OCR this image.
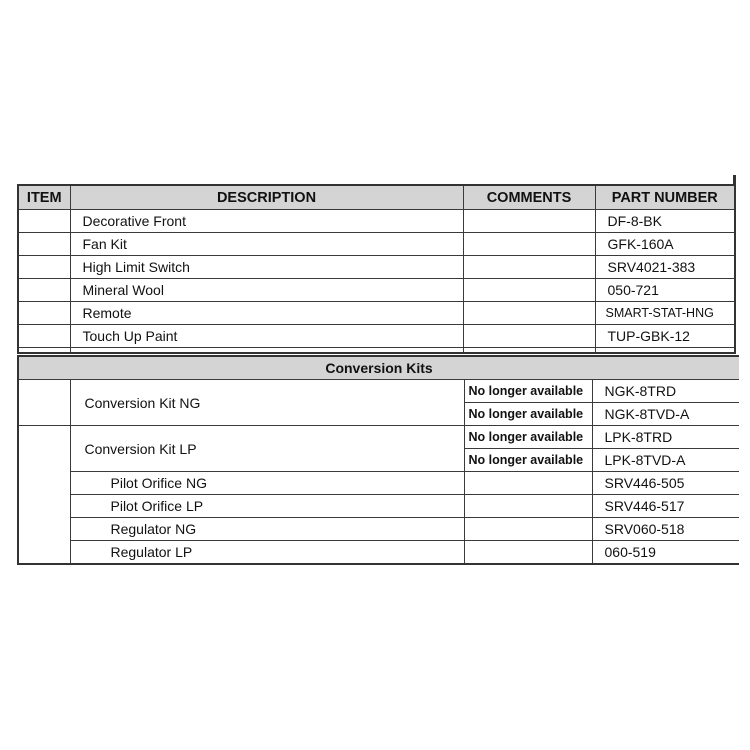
ITEM	DESCRIPTION	COMMENTS	PART NUMBER
	Decorative Front		DF-8-BK
	Fan Kit		GFK-160A
	High Limit Switch		SRV4021-383
	Mineral Wool		050-721
	Remote		SMART-STAT-HNG
	Touch Up Paint		TUP-GBK-12

Conversion Kits			
	Conversion Kit NG	No longer available	NGK-8TRD
		No longer available	NGK-8TVD-A
	Conversion Kit LP	No longer available	LPK-8TRD
		No longer available	LPK-8TVD-A
	Pilot Orifice NG		SRV446-505
	Pilot Orifice LP		SRV446-517
	Regulator NG		SRV060-518
	Regulator LP		060-519
